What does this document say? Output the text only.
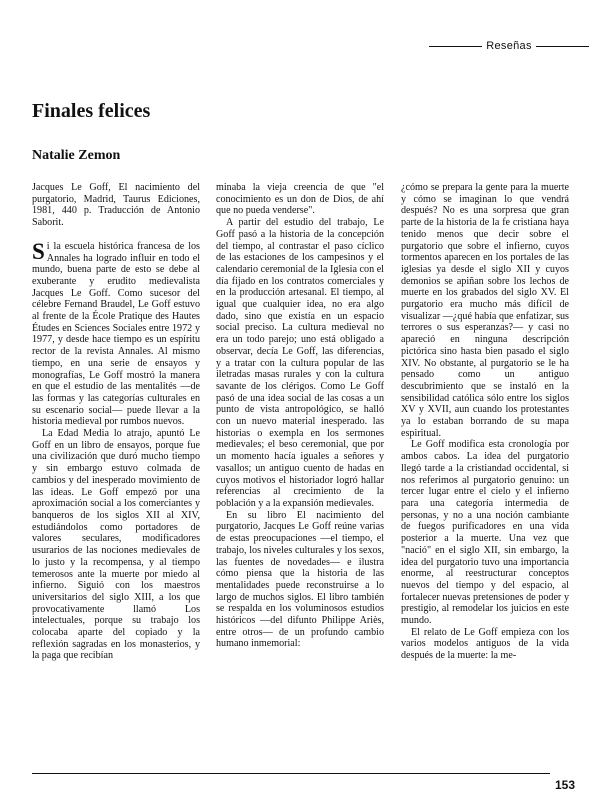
Reseñas
Finales felices
Natalie Zemon

Jacques Le Goff, El nacimiento del purgatorio, Madrid, Taurus Ediciones, 1981, 440 p. Traducción de Antonio Saborit.

Si la escuela histórica francesa de los Annales ha logrado influir en todo el mundo, buena parte de esto se debe al exuberante y erudito medievalista Jacques Le Goff. Como sucesor del célebre Fernand Braudel, Le Goff estuvo al frente de la École Pratique des Hautes Études en Sciences Sociales entre 1972 y 1977, y desde hace tiempo es un espíritu rector de la revista Annales. Al mismo tiempo, en una serie de ensayos y monografías, Le Goff mostró la manera en que el estudio de las mentalités —de las formas y las categorías culturales en su escenario social— puede llevar a la historia medieval por rumbos nuevos.

La Edad Media lo atrajo, apuntó Le Goff en un libro de ensayos, porque fue una civilización que duró mucho tiempo y sin embargo estuvo colmada de cambios y del inesperado movimiento de las ideas. Le Goff empezó por una aproximación social a los comerciantes y banqueros de los siglos XII al XIV, estudiándolos como portadores de valores seculares, modificadores usurarios de las nociones medievales de lo justo y la recompensa, y al tiempo temerosos ante la muerte por miedo al infierno. Siguió con los maestros universitarios del siglo XIII, a los que provocativamente llamó Los intelectuales, porque su trabajo los colocaba aparte del copiado y la reflexión sagradas en los monasterios, y la paga que recibían

minaba la vieja creencia de que "el conocimiento es un don de Dios, de ahí que no pueda venderse".

A partir del estudio del trabajo, Le Goff pasó a la historia de la concepción del tiempo, al contrastar el paso cíclico de las estaciones de los campesinos y el calendario ceremonial de la Iglesia con el día fijado en los contratos comerciales y en la producción artesanal. El tiempo, al igual que cualquier idea, no era algo dado, sino que existía en un espacio social preciso. La cultura medieval no era un todo parejo; uno está obligado a observar, decía Le Goff, las diferencias, y a tratar con la cultura popular de las iletradas masas rurales y con la cultura savante de los clérigos. Como Le Goff pasó de una idea social de las cosas a un punto de vista antropológico, se halló con un nuevo material inesperado. las historias o exempla en los sermones medievales; el beso ceremonial, que por un momento hacía iguales a señores y vasallos; un antiguo cuento de hadas en cuyos motivos el historiador logró hallar referencias al crecimiento de la población y a la expansión medievales.

En su libro El nacimiento del purgatorio, Jacques Le Goff reúne varias de estas preocupaciones —el tiempo, el trabajo, los niveles culturales y los sexos, las fuentes de novedades— e ilustra cómo piensa que la historia de las mentalidades puede reconstruirse a lo largo de muchos siglos. El libro también se respalda en los voluminosos estudios históricos —del difunto Philippe Ariès, entre otros— de un profundo cambio humano inmemorial:

¿cómo se prepara la gente para la muerte y cómo se imaginan lo que vendrá después? No es una sorpresa que gran parte de la historia de la fe cristiana haya tenido menos que decir sobre el purgatorio que sobre el infierno, cuyos tormentos aparecen en los portales de las iglesias ya desde el siglo XII y cuyos demonios se apiñan sobre los lechos de muerte en los grabados del siglo XV. El purgatorio era mucho más difícil de visualizar —¿qué había que enfatizar, sus terrores o sus esperanzas?— y casi no apareció en ninguna descripción pictórica sino hasta bien pasado el siglo XIV. No obstante, al purgatorio se le ha pensado como un antiguo descubrimiento que se instaló en la sensibilidad católica sólo entre los siglos XV y XVII, aun cuando los protestantes ya lo estaban borrando de su mapa espiritual.

Le Goff modifica esta cronología por ambos cabos. La idea del purgatorio llegó tarde a la cristiandad occidental, si nos referimos al purgatorio genuino: un tercer lugar entre el cielo y el infierno para una categoría intermedia de personas, y no a una noción cambiante de fuegos purificadores en una vida posterior a la muerte. Una vez que "nació" en el siglo XII, sin embargo, la idea del purgatorio tuvo una importancia enorme, al reestructurar conceptos nuevos del tiempo y del espacio, al fortalecer nuevas pretensiones de poder y prestigio, al remodelar los juicios en este mundo.

El relato de Le Goff empieza con los varios modelos antiguos de la vida después de la muerte: la me-

153
